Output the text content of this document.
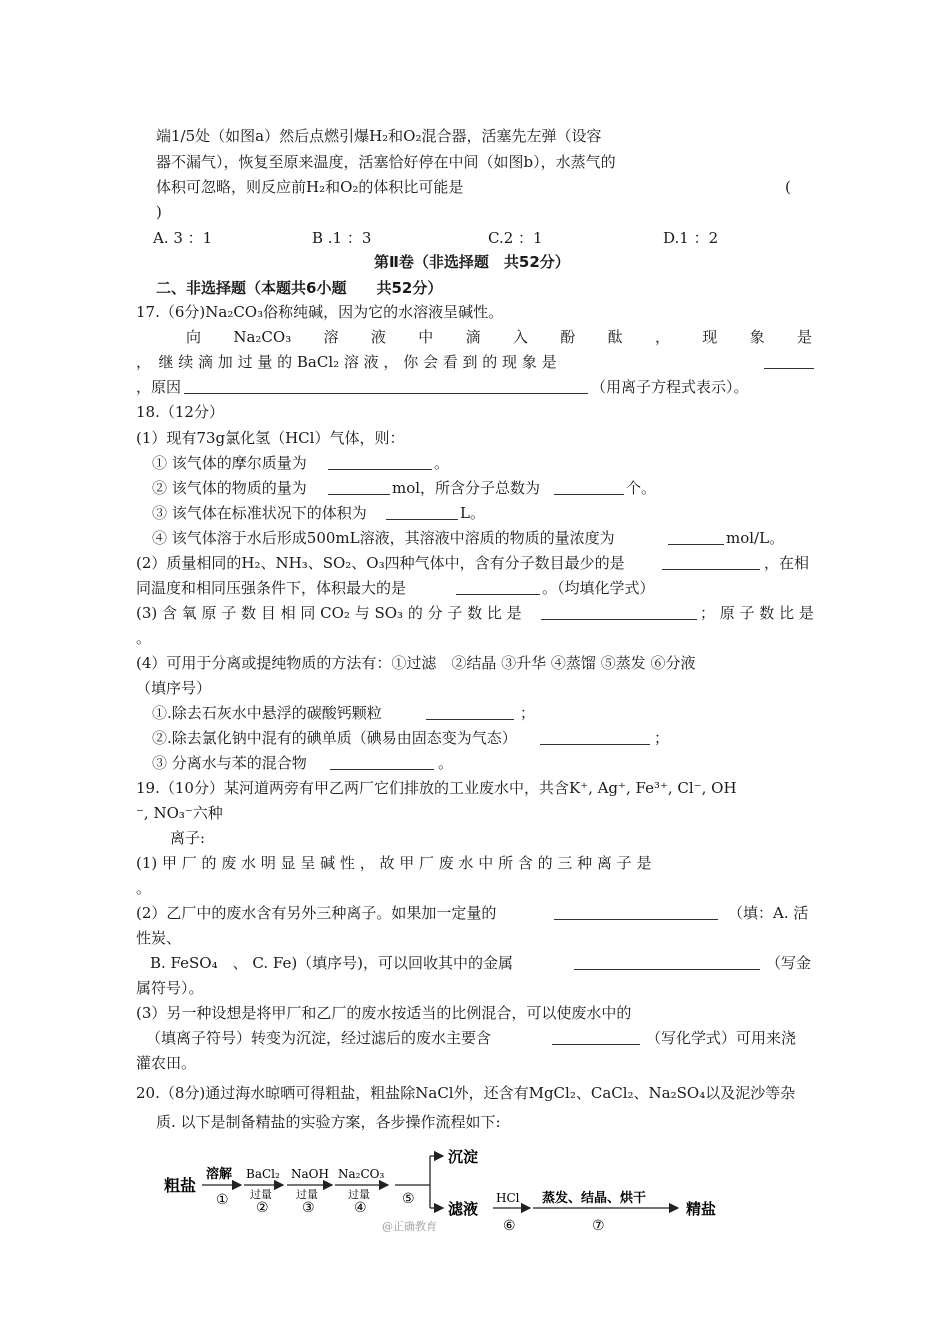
端1/5处（如图a）然后点燃引爆H₂和O₂混合器，活塞先左弹（设容
器不漏气），恢复至原来温度，活塞恰好停在中间（如图b），水蒸气的
体积可忽略，则反应前H₂和O₂的体积比可能是	(
)
A. 3 ：1	B .1 ：3	C.2 ：1	D.1 ：2
第Ⅱ卷（非选择题　共52分）
二、非选择题（本题共6小题　　共52分）
17.（6分)Na₂CO₃俗称纯碱，因为它的水溶液呈碱性。
向 Na₂CO₃ 溶 液 中 滴 入 酚 酞 ， 现 象 是
，　继 续 滴 加 过 量 的 BaCl₂ 溶 液 ， 你 会 看 到 的 现 象 是
，原因	（用离子方程式表示）。
18.（12分）
(1）现有73g氯化氢（HCl）气体，则：
① 该气体的摩尔质量为	。
② 该气体的物质的量为	mol，所含分子总数为	个。
③ 该气体在标准状况下的体积为	L。
④ 该气体溶于水后形成500mL溶液，其溶液中溶质的物质的量浓度为	mol/L。
(2）质量相同的H₂、NH₃、SO₂、O₃四种气体中，含有分子数目最少的是	，在相
同温度和相同压强条件下，体积最大的是	。（均填化学式）
(3) 含 氧 原 子 数 目 相 同 CO₂ 与 SO₃ 的 分 子 数 比 是	； 原 子 数 比 是
。
(4）可用于分离或提纯物质的方法有：①过滤　②结晶 ③升华 ④蒸馏 ⑤蒸发 ⑥分液
（填序号）
①.除去石灰水中悬浮的碳酸钙颗粒	；
②.除去氯化钠中混有的碘单质（碘易由固态变为气态）	；
③ 分离水与苯的混合物	。
19.（10分）某河道两旁有甲乙两厂它们排放的工业废水中，共含K⁺, Ag⁺, Fe³⁺, Cl⁻, OH
⁻, NO₃⁻六种
离子:
(1) 甲 厂 的 废 水 明 显 呈 碱 性 ， 故 甲 厂 废 水 中 所 含 的 三 种 离 子 是
。
(2）乙厂中的废水含有另外三种离子。如果加一定量的	（填：A. 活
性炭、
B. FeSO₄　、 C. Fe)（填序号)，可以回收其中的金属	（写金
属符号）。
(3）另一种设想是将甲厂和乙厂的废水按适当的比例混合，可以使废水中的
（填离子符号）转变为沉淀，经过滤后的废水主要含	（写化学式）可用来浇
灌农田。
20.（8分)通过海水晾晒可得粗盐，粗盐除NaCl外，还含有MgCl₂、CaCl₂、Na₂SO₄以及泥沙等杂
质. 以下是制备精盐的实验方案，各步操作流程如下:
粗盐
溶解
①
BaCl₂
过量
②
NaOH
过量
③
Na₂CO₃
过量
④
⑤
沉淀
滤液
HCl
⑥
蒸发、结晶、烘干
⑦
精盐
@正确教育
